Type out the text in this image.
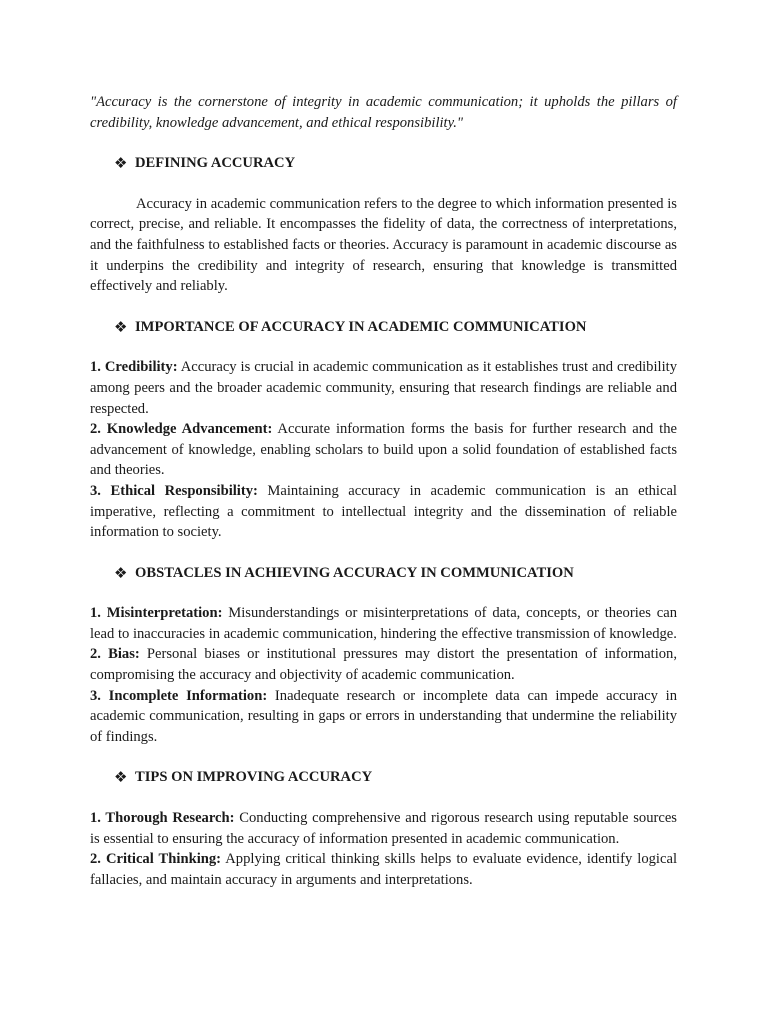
"Accuracy is the cornerstone of integrity in academic communication; it upholds the pillars of credibility, knowledge advancement, and ethical responsibility."

❖ DEFINING ACCURACY

Accuracy in academic communication refers to the degree to which information presented is correct, precise, and reliable. It encompasses the fidelity of data, the correctness of interpretations, and the faithfulness to established facts or theories. Accuracy is paramount in academic discourse as it underpins the credibility and integrity of research, ensuring that knowledge is transmitted effectively and reliably.

❖ IMPORTANCE OF ACCURACY IN ACADEMIC COMMUNICATION

1. Credibility: Accuracy is crucial in academic communication as it establishes trust and credibility among peers and the broader academic community, ensuring that research findings are reliable and respected.

2. Knowledge Advancement: Accurate information forms the basis for further research and the advancement of knowledge, enabling scholars to build upon a solid foundation of established facts and theories.

3. Ethical Responsibility: Maintaining accuracy in academic communication is an ethical imperative, reflecting a commitment to intellectual integrity and the dissemination of reliable information to society.

❖ OBSTACLES IN ACHIEVING ACCURACY IN COMMUNICATION

1. Misinterpretation: Misunderstandings or misinterpretations of data, concepts, or theories can lead to inaccuracies in academic communication, hindering the effective transmission of knowledge.

2. Bias: Personal biases or institutional pressures may distort the presentation of information, compromising the accuracy and objectivity of academic communication.

3. Incomplete Information: Inadequate research or incomplete data can impede accuracy in academic communication, resulting in gaps or errors in understanding that undermine the reliability of findings.

❖ TIPS ON IMPROVING ACCURACY

1. Thorough Research: Conducting comprehensive and rigorous research using reputable sources is essential to ensuring the accuracy of information presented in academic communication.

2. Critical Thinking: Applying critical thinking skills helps to evaluate evidence, identify logical fallacies, and maintain accuracy in arguments and interpretations.
